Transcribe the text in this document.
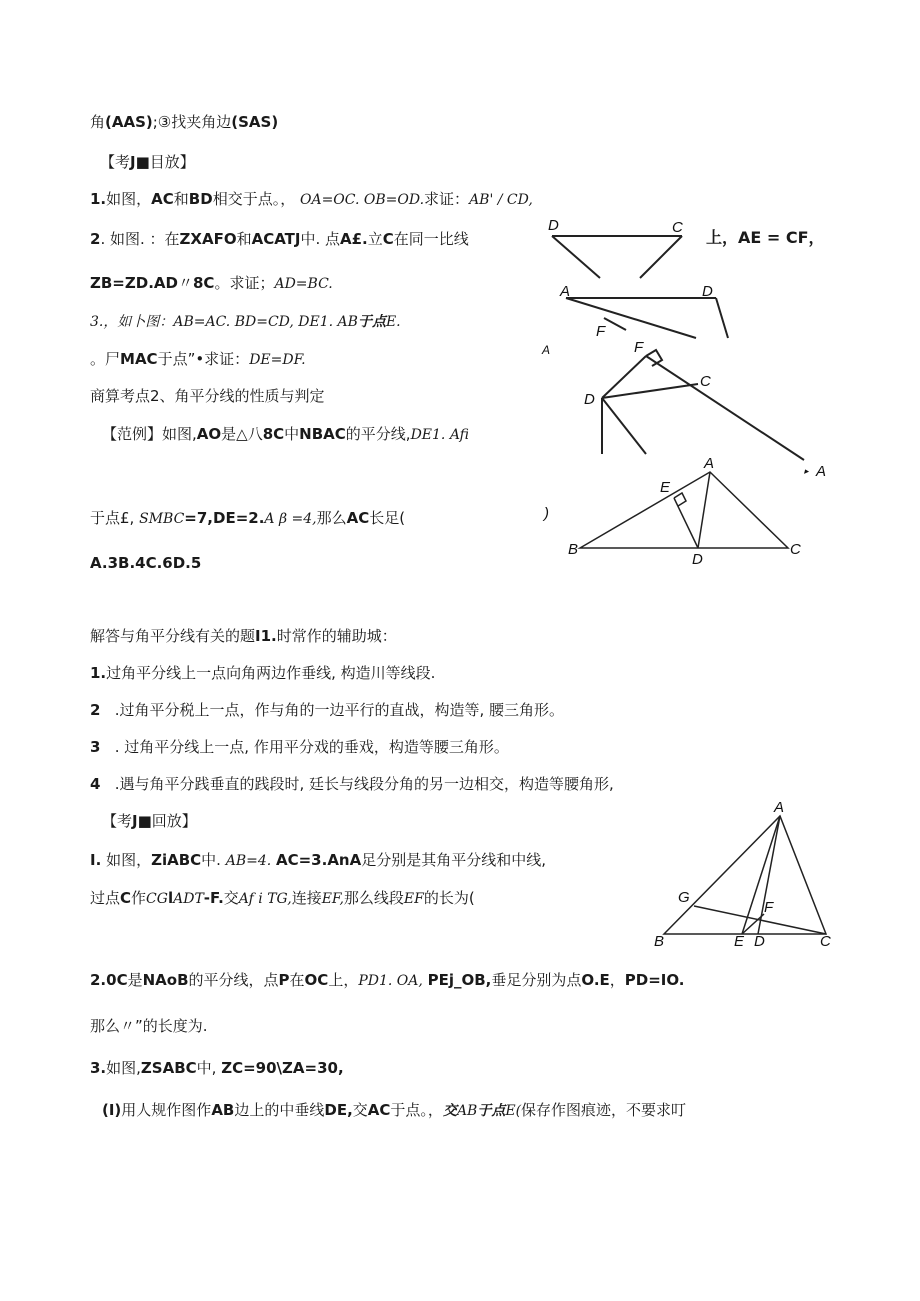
角(AAS);③找夹角边(SAS)
【考J■目放】
1.如图，AC和BD相交于点。， OA=OC. OB=OD.求证：AB' / CD,
2. 如图. ：在ZXAFO和ACATJ中. 点A£.立C在同一比线	上，AE = CF，
ZB=ZD.AD〃8C。求证；AD=BC.
3.，如卜图：AB=AC. BD=CD, DE1. AB于点E.
。尸MAC于点”•求证：DE=DF.
商算考点2、角平分线的性质与判定
【范例】如图,AO是△八8C中NBAC的平分线,DE1. Afi
于点£, SMBC=7,DE=2.A β =4,那么AC长足(
A.3B.4C.6D.5
解答与角平分线有关的题I1.时常作的辅助城：
1.过角平分线上一点向角两边作垂线, 构造川等线段.
2 .过角平分税上一点，作与角的一边平行的直战，构造等, 腰三角形。
3 . 过角平分线上一点, 作用平分戏的垂戏，构造等腰三角形。
4 .遇与角平分践垂直的践段时, 廷长与线段分角的另一边相交，构造等腰角形,
【考J■回放】
I. 如图，ZiABC中. AB=4. AC=3.AnA足分别是其角平分线和中线,
过点C作CGlADT-F.交Af i TG,连接EF,那么线段EF的长为(
2.0C是NAoB的平分线，点P在OC上，PD1. OA, PEj_OB,垂足分别为点O.E，PD=IO.
那么〃”的长度为.
3.如图,ZSABC中, ZC=90\ZA=30,
(I)用人规作图作AB边上的中垂线DE,交AC于点。，交AB于点E(保存作图痕迹，不要求叮
D	C
A	D
F
A	F
C
D
▸ A
)
A
E
B
D
C
A
G
F
B	E D	C
